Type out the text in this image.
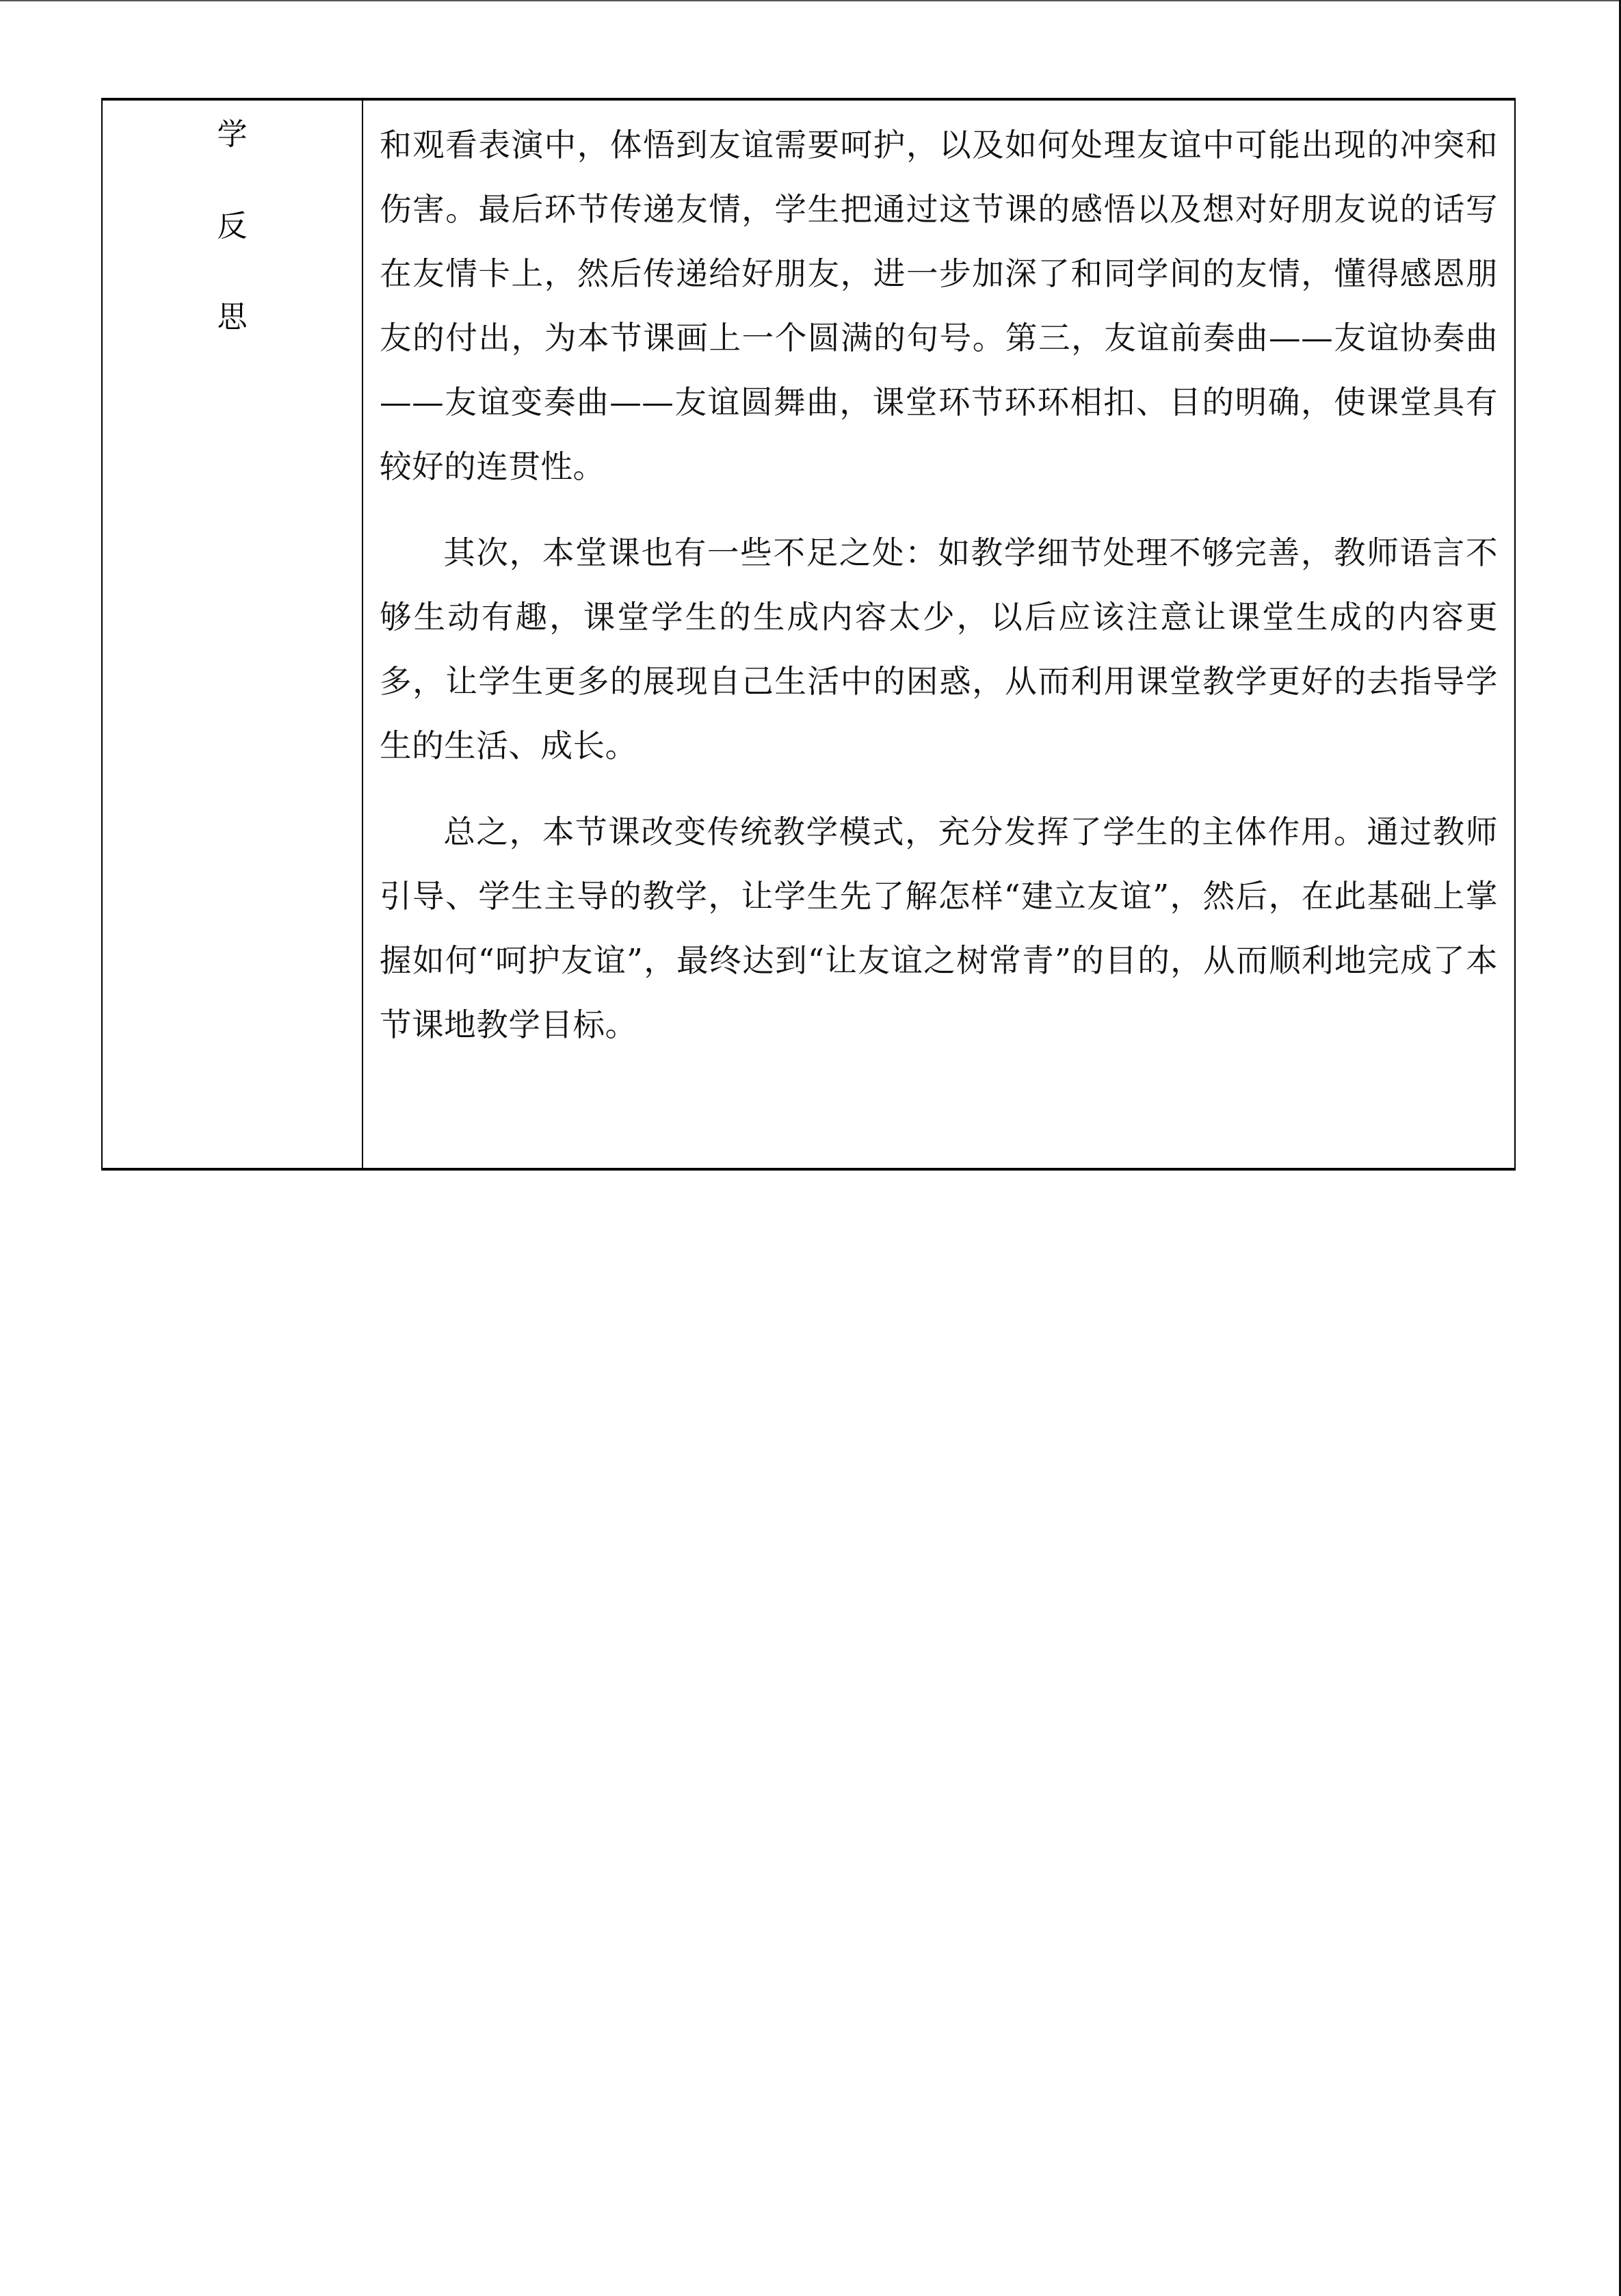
学
反
思

和观看表演中，体悟到友谊需要呵护，以及如何处理友谊中可能出现的冲突和伤害。最后环节传递友情，学生把通过这节课的感悟以及想对好朋友说的话写在友情卡上，然后传递给好朋友，进一步加深了和同学间的友情，懂得感恩朋友的付出，为本节课画上一个圆满的句号。第三，友谊前奏曲——友谊协奏曲——友谊变奏曲——友谊圆舞曲，课堂环节环环相扣、目的明确，使课堂具有较好的连贯性。

其次，本堂课也有一些不足之处：如教学细节处理不够完善，教师语言不够生动有趣，课堂学生的生成内容太少，以后应该注意让课堂生成的内容更多，让学生更多的展现自己生活中的困惑，从而利用课堂教学更好的去指导学生的生活、成长。

总之，本节课改变传统教学模式，充分发挥了学生的主体作用。通过教师引导、学生主导的教学，让学生先了解怎样“建立友谊”，然后，在此基础上掌握如何“呵护友谊”，最终达到“让友谊之树常青”的目的，从而顺利地完成了本节课地教学目标。
